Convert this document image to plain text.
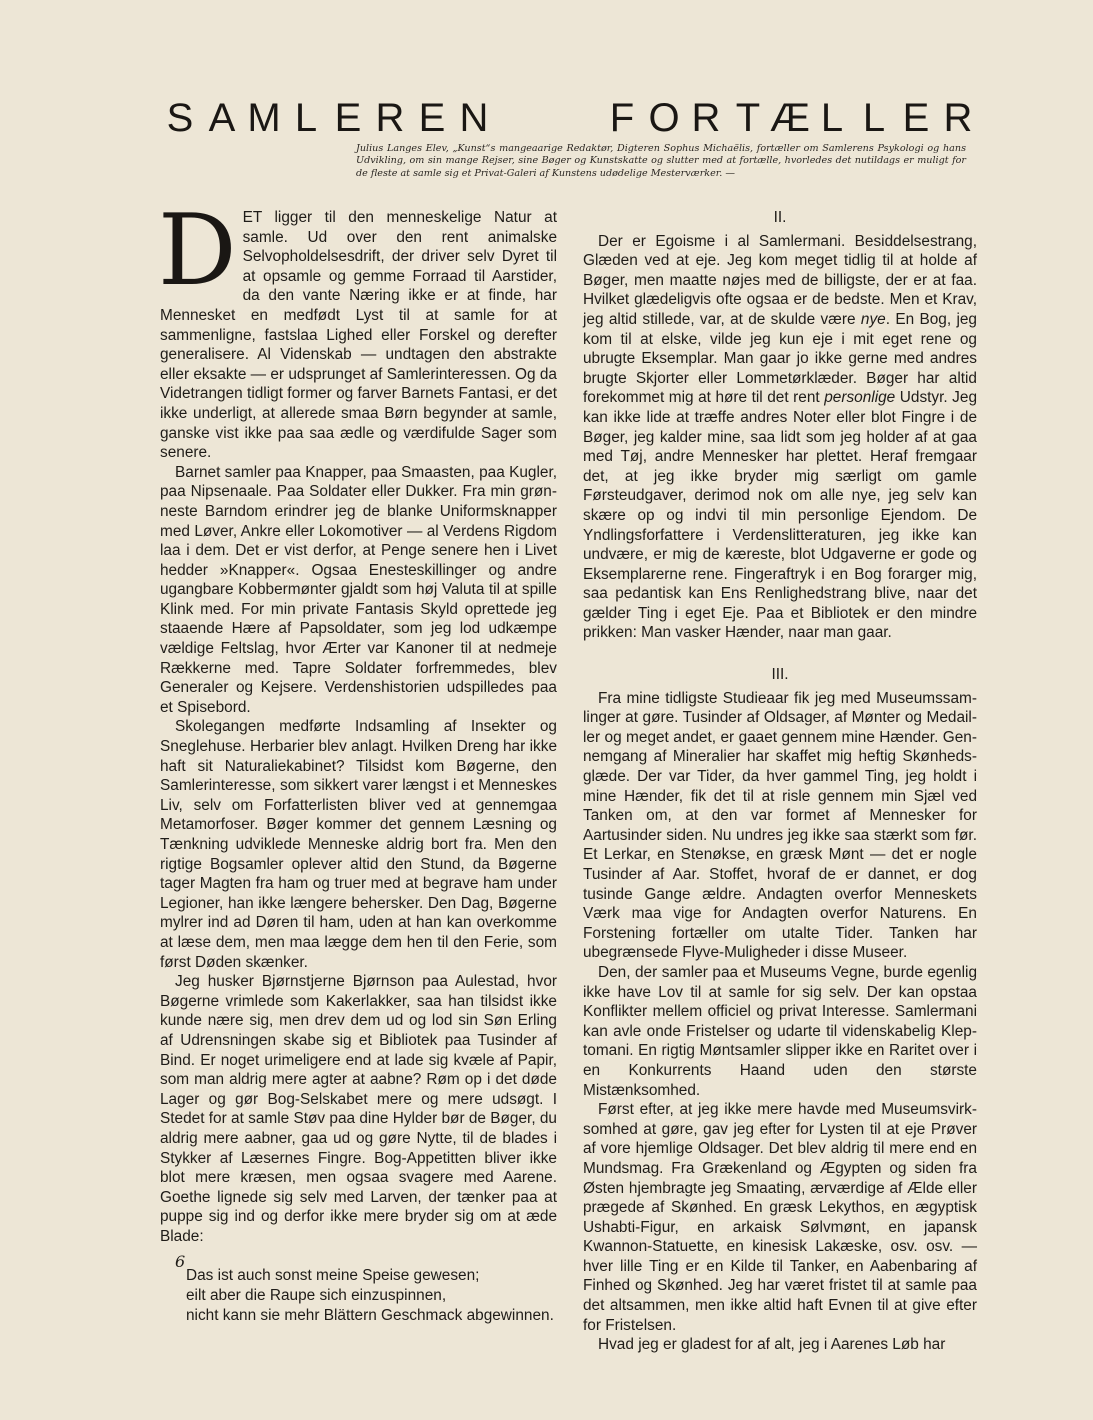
S A M L E R E N	F O R T Æ L L E R
Julius Langes Elev, „Kunst“s mangeaarige Redaktør, Digteren Sophus Michaëlis, fortæller om Samlerens Psykologi og hans Udvikling, om sin mange Rejser, sine Bøger og Kunstskatte og slutter med at fortælle, hvorledes det nutildags er muligt for de fleste at samle sig et Privat-Galeri af Kunstens udødelige Mesterværker. —

DET ligger til den menneskelige Natur at samle. Ud over den rent animalske Selvopholdelsesdrift, der driver selv Dyret til at opsamle og gemme Forraad til Aarstider, da den vante Næring ikke er at finde, har Mennesket en medfødt Lyst til at samle for at sammenligne, fastslaa Lighed eller Forskel og derefter generalisere. Al Videnskab — undtagen den abstrakte eller eksakte — er udsprunget af Samlerinteressen. Og da Videtrangen tidligt former og farver Barnets Fantasi, er det ikke underligt, at allerede smaa Børn begynder at samle, ganske vist ikke paa saa ædle og værdifulde Sager som senere.

Barnet samler paa Knapper, paa Smaasten, paa Kugler, paa Nipsenaale. Paa Soldater eller Dukker. Fra min grønneste Barndom erindrer jeg de blanke Uniformsknapper med Løver, Ankre eller Lokomotiver — al Verdens Rigdom laa i dem. Det er vist derfor, at Penge senere hen i Livet hedder »Knapper«. Ogsaa Enesteskillinger og andre ugangbare Kobbermønter gjaldt som høj Valuta til at spille Klink med. For min private Fantasis Skyld oprettede jeg staaende Hære af Papsoldater, som jeg lod udkæmpe vældige Feltslag, hvor Ærter var Kanoner til at nedmeje Rækkerne med. Tapre Soldater forfremmedes, blev Generaler og Kejsere. Verdenshistorien udspilledes paa et Spisebord.

Skolegangen medførte Indsamling af Insekter og Sneglehuse. Herbarier blev anlagt. Hvilken Dreng har ikke haft sit Naturaliekabinet? Tilsidst kom Bøgerne, den Samlerinteresse, som sikkert varer længst i et Menneskes Liv, selv om Forfatterlisten bliver ved at gennemgaa Metamorfoser. Bøger kommer det gennem Læsning og Tænkning udviklede Menneske aldrig bort fra. Men den rigtige Bogsamler oplever altid den Stund, da Bøgerne tager Magten fra ham og truer med at begrave ham under Legioner, han ikke længere behersker. Den Dag, Bøgerne mylrer ind ad Døren til ham, uden at han kan overkomme at læse dem, men maa lægge dem hen til den Ferie, som først Døden skænker.

Jeg husker Bjørnstjerne Bjørnson paa Aulestad, hvor Bøgerne vrimlede som Kakerlakker, saa han tilsidst ikke kunde nære sig, men drev dem ud og lod sin Søn Erling af Udrensningen skabe sig et Bibliotek paa Tusinder af Bind. Er noget urimeligere end at lade sig kvæle af Papir, som man aldrig mere agter at aabne? Røm op i det døde Lager og gør Bog-Selskabet mere og mere udsøgt. I Stedet for at samle Støv paa dine Hylder bør de Bøger, du aldrig mere aabner, gaa ud og gøre Nytte, til de blades i Stykker af Læsernes Fingre. Bog-Appetitten bliver ikke blot mere kræsen, men ogsaa svagere med Aarene. Goethe lignede sig selv med Larven, der tænker paa at puppe sig ind og derfor ikke mere bryder sig om at æde Blade:

Das ist auch sonst meine Speise gewesen;
eilt aber die Raupe sich einzuspinnen,
nicht kann sie mehr Blättern Geschmack abgewinnen.
II.

Der er Egoisme i al Samlermani. Besiddelsestrang, Glæden ved at eje. Jeg kom meget tidlig til at holde af Bøger, men maatte nøjes med de billigste, der er at faa. Hvilket glædeligvis ofte ogsaa er de bedste. Men et Krav, jeg altid stillede, var, at de skulde være nye. En Bog, jeg kom til at elske, vilde jeg kun eje i mit eget rene og ubrugte Eksemplar. Man gaar jo ikke gerne med andres brugte Skjorter eller Lommetørklæder. Bøger har altid forekommet mig at høre til det rent personlige Udstyr. Jeg kan ikke lide at træffe andres Noter eller blot Fingre i de Bøger, jeg kalder mine, saa lidt som jeg holder af at gaa med Tøj, andre Mennesker har plettet. Heraf fremgaar det, at jeg ikke bryder mig særligt om gamle Førsteudgaver, derimod nok om alle nye, jeg selv kan skære op og indvi til min personlige Ejendom. De Yndlingsforfattere i Verdenslitteraturen, jeg ikke kan undvære, er mig de kæreste, blot Udgaverne er gode og Eksemplarerne rene. Fingeraftryk i en Bog forarger mig, saa pedantisk kan Ens Renlighedstrang blive, naar det gælder Ting i eget Eje. Paa et Bibliotek er den mindre prikken: Man vasker Hænder, naar man gaar.

III.

Fra mine tidligste Studieaar fik jeg med Museumssamlinger at gøre. Tusinder af Oldsager, af Mønter og Medailler og meget andet, er gaaet gennem mine Hænder. Gennemgang af Mineralier har skaffet mig heftig Skønhedsglæde. Der var Tider, da hver gammel Ting, jeg holdt i mine Hænder, fik det til at risle gennem min Sjæl ved Tanken om, at den var formet af Mennesker for Aartusinder siden. Nu undres jeg ikke saa stærkt som før. Et Lerkar, en Stenøkse, en græsk Mønt — det er nogle Tusinder af Aar. Stoffet, hvoraf de er dannet, er dog tusinde Gange ældre. Andagten overfor Menneskets Værk maa vige for Andagten overfor Naturens. En Forstening fortæller om utalte Tider. Tanken har ubegrænsede Flyve-Muligheder i disse Museer.

Den, der samler paa et Museums Vegne, burde egenlig ikke have Lov til at samle for sig selv. Der kan opstaa Konflikter mellem officiel og privat Interesse. Samlermani kan avle onde Fristelser og udarte til videnskabelig Kleptomani. En rigtig Møntsamler slipper ikke en Raritet over i en Konkurrents Haand uden den største Mistænksomhed.

Først efter, at jeg ikke mere havde med Museumsvirksomhed at gøre, gav jeg efter for Lysten til at eje Prøver af vore hjemlige Oldsager. Det blev aldrig til mere end en Mundsmag. Fra Grækenland og Ægypten og siden fra Østen hjembragte jeg Smaating, ærværdige af Ælde eller prægede af Skønhed. En græsk Lekythos, en ægyptisk Ushabti-Figur, en arkaisk Sølvmønt, en japansk Kwannon-Statuette, en kinesisk Lakæske, osv. osv. — hver lille Ting er en Kilde til Tanker, en Aabenbaring af Finhed og Skønhed. Jeg har været fristet til at samle paa det altsammen, men ikke altid haft Evnen til at give efter for Fristelsen.

Hvad jeg er gladest for af alt, jeg i Aarenes Løb har

6
